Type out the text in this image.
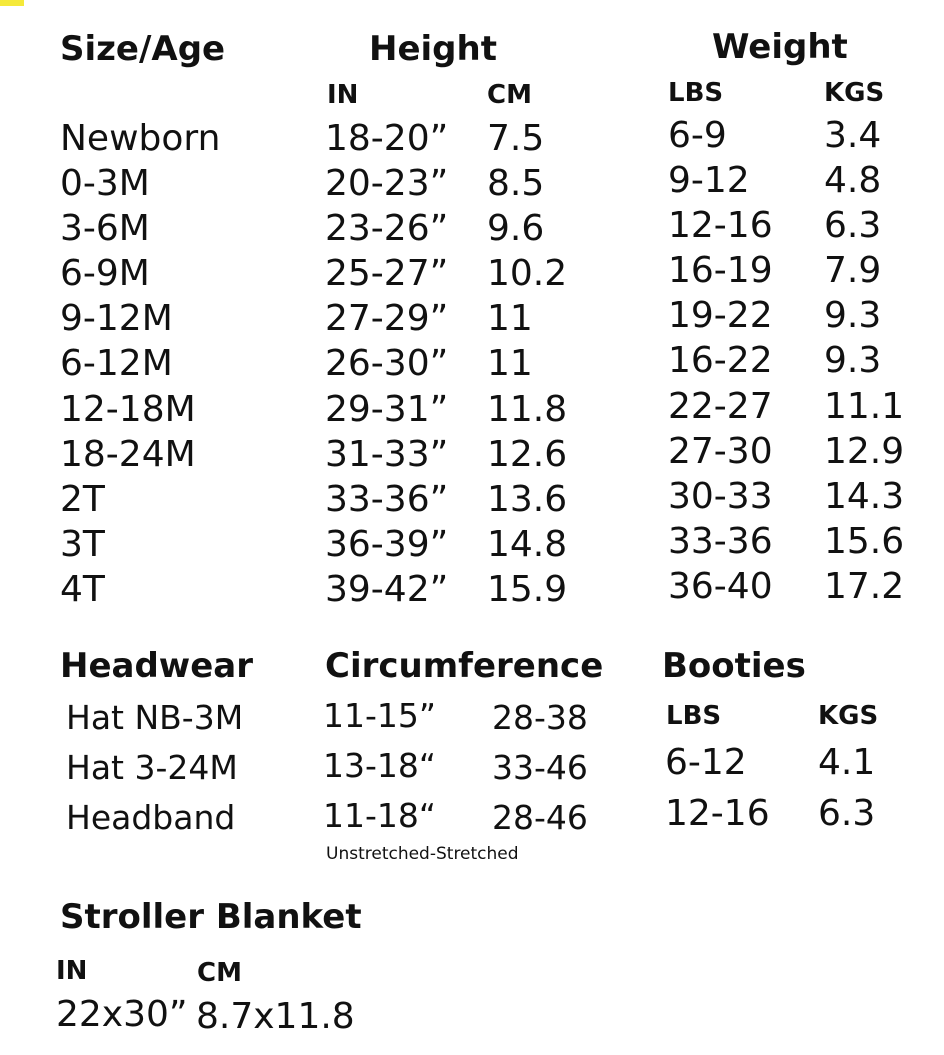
Size/Age	Height	Weight
IN	CM	LBS	KGS
Newborn	18-20” 7.5	6-9	3.4
0-3M	20-23” 8.5	9-12 4.8
3-6M	23-26” 9.6	12-16 6.3
6-9M	25-27” 10.2	16-19 7.9
9-12M	27-29” 11	19-22 9.3
6-12M	26-30” 11	16-22 9.3
12-18M	29-31” 11.8	22-27 11.1
18-24M	31-33” 12.6	27-30 12.9
2T	33-36” 13.6	30-33 14.3
3T	36-39” 14.8	33-36 15.6
4T	39-42” 15.9	36-40 17.2
Headwear Circumference
Hat NB-3M 11-15” 28-38
Hat 3-24M	13-18“ 33-46
Headband	11-18“ 28-46
Unstretched-Stretched
Booties
LBS	KGS
6-12 4.1
12-16 6.3
Stroller Blanket
IN	CM
22x30” 8.7x11.8
